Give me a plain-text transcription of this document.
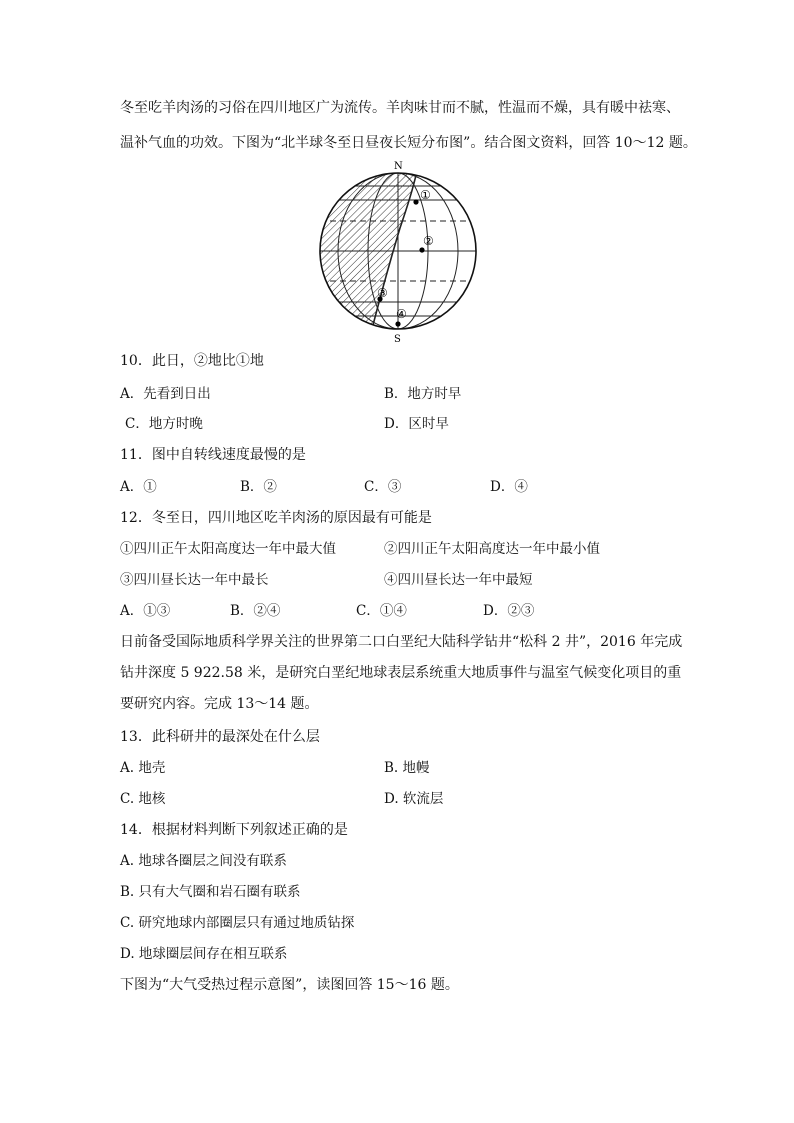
冬至吃羊肉汤的习俗在四川地区广为流传。羊肉味甘而不腻，性温而不燥，具有暖中祛寒、
温补气血的功效。下图为“北半球冬至日昼夜长短分布图”。结合图文资料，回答 10～12 题。
N
S
①
②
③
④
10．此日，②地比①地
A．先看到日出	B．地方时早
C．地方时晚	D．区时早
11．图中自转线速度最慢的是
A．①	B．②	C．③	D．④
12．冬至日，四川地区吃羊肉汤的原因最有可能是
①四川正午太阳高度达一年中最大值	②四川正午太阳高度达一年中最小值
③四川昼长达一年中最长	④四川昼长达一年中最短
A．①③	B．②④	C．①④	D．②③
日前备受国际地质科学界关注的世界第二口白垩纪大陆科学钻井“松科 2 井”，2016 年完成
钻井深度 5 922.58 米，是研究白垩纪地球表层系统重大地质事件与温室气候变化项目的重
要研究内容。完成 13～14 题。
13．此科研井的最深处在什么层
A. 地壳	B. 地幔
C. 地核	D. 软流层
14．根据材料判断下列叙述正确的是
A. 地球各圈层之间没有联系
B. 只有大气圈和岩石圈有联系
C. 研究地球内部圈层只有通过地质钻探
D. 地球圈层间存在相互联系
下图为“大气受热过程示意图”，读图回答 15～16 题。
